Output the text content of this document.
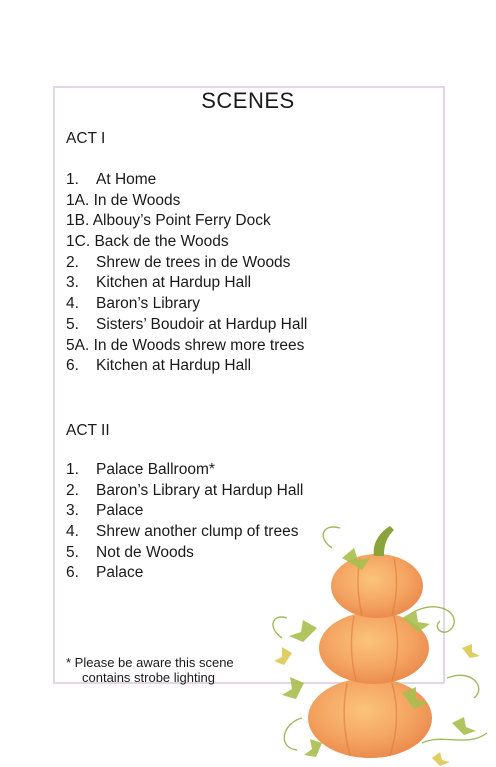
SCENES
ACT I
1. At Home
1A. In de Woods
1B. Albouy’s Point Ferry Dock
1C. Back de the Woods
2. Shrew de trees in de Woods
3. Kitchen at Hardup Hall
4. Baron’s Library
5. Sisters’ Boudoir at Hardup Hall
5A. In de Woods shrew more trees
6. Kitchen at Hardup Hall
ACT II
1. Palace Ballroom*
2. Baron’s Library at Hardup Hall
3. Palace
4. Shrew another clump of trees
5. Not de Woods
6. Palace
* Please be aware this scene
contains strobe lighting
